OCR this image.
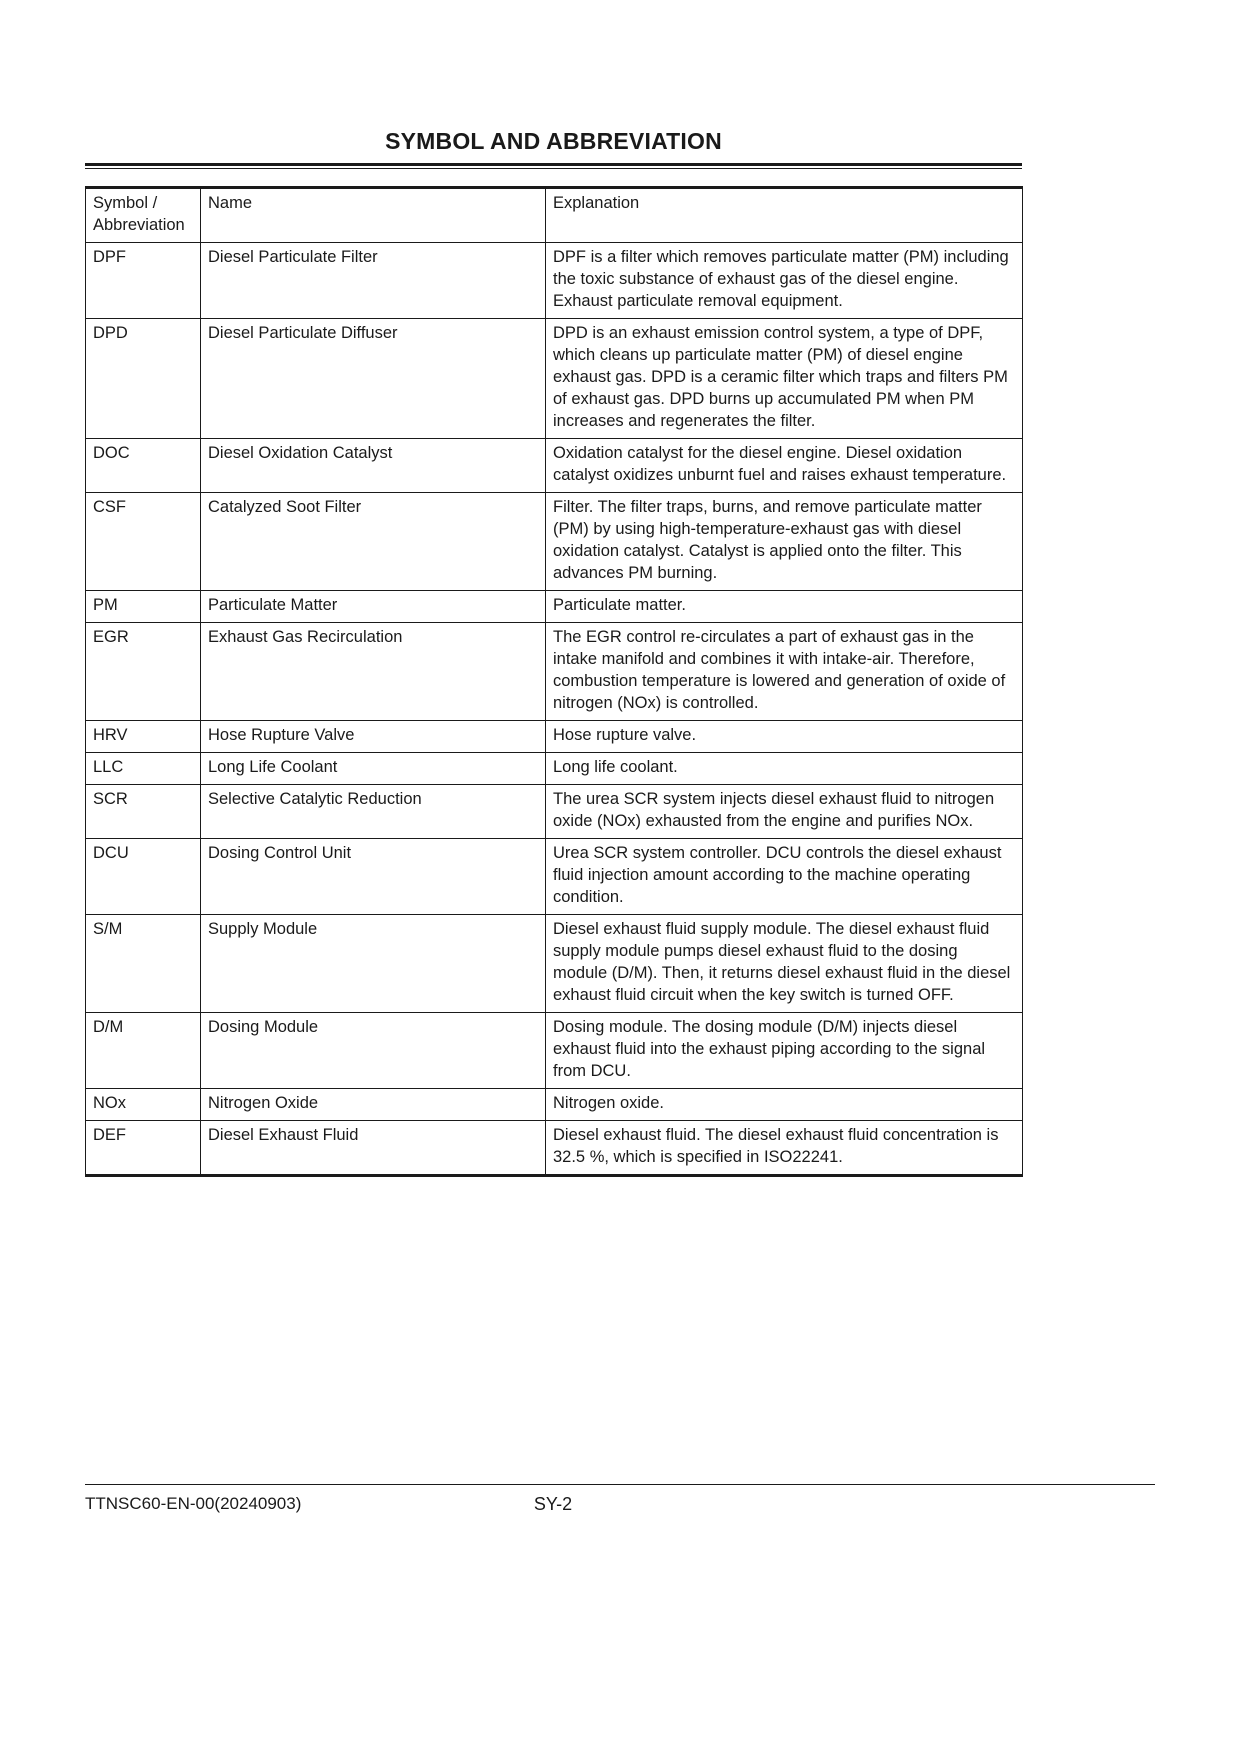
SYMBOL AND ABBREVIATION
Symbol / Abbreviation	Name	Explanation
DPF	Diesel Particulate Filter	DPF is a filter which removes particulate matter (PM) including the toxic substance of exhaust gas of the diesel engine. Exhaust particulate removal equipment.
DPD	Diesel Particulate Diffuser	DPD is an exhaust emission control system, a type of DPF, which cleans up particulate matter (PM) of diesel engine exhaust gas. DPD is a ceramic filter which traps and filters PM of exhaust gas. DPD burns up accumulated PM when PM increases and regenerates the filter.
DOC	Diesel Oxidation Catalyst	Oxidation catalyst for the diesel engine. Diesel oxidation catalyst oxidizes unburnt fuel and raises exhaust temperature.
CSF	Catalyzed Soot Filter	Filter. The filter traps, burns, and remove particulate matter (PM) by using high-temperature-exhaust gas with diesel oxidation catalyst. Catalyst is applied onto the filter. This advances PM burning.
PM	Particulate Matter	Particulate matter.
EGR	Exhaust Gas Recirculation	The EGR control re-circulates a part of exhaust gas in the intake manifold and combines it with intake-air. Therefore, combustion temperature is lowered and generation of oxide of nitrogen (NOx) is controlled.
HRV	Hose Rupture Valve	Hose rupture valve.
LLC	Long Life Coolant	Long life coolant.
SCR	Selective Catalytic Reduction	The urea SCR system injects diesel exhaust fluid to nitrogen oxide (NOx) exhausted from the engine and purifies NOx.
DCU	Dosing Control Unit	Urea SCR system controller. DCU controls the diesel exhaust fluid injection amount according to the machine operating condition.
S/M	Supply Module	Diesel exhaust fluid supply module. The diesel exhaust fluid supply module pumps diesel exhaust fluid to the dosing module (D/M). Then, it returns diesel exhaust fluid in the diesel exhaust fluid circuit when the key switch is turned OFF.
D/M	Dosing Module	Dosing module. The dosing module (D/M) injects diesel exhaust fluid into the exhaust piping according to the signal from DCU.
NOx	Nitrogen Oxide	Nitrogen oxide.
DEF	Diesel Exhaust Fluid	Diesel exhaust fluid. The diesel exhaust fluid concentration is 32.5 %, which is specified in ISO22241.
TTNSC60-EN-00(20240903)	SY-2
